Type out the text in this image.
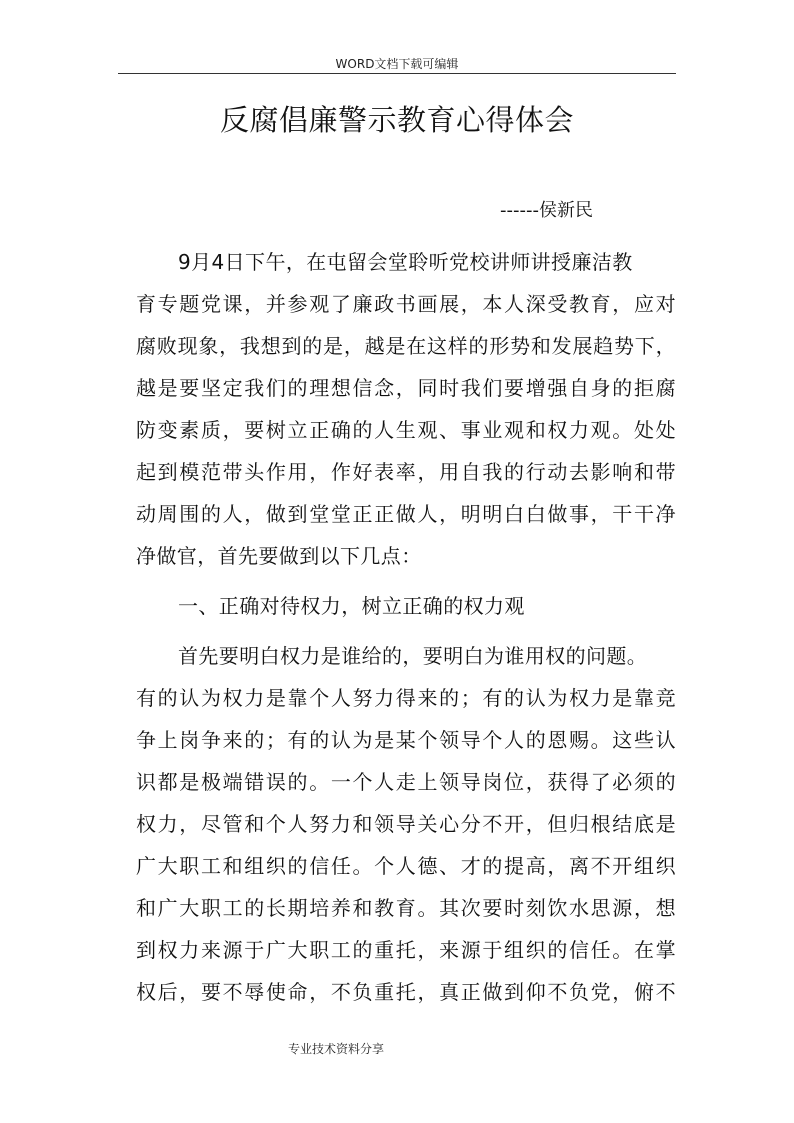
WORD文档下载可编辑
反腐倡廉警示教育心得体会
------侯新民
9月4日下午，在屯留会堂聆听党校讲师讲授廉洁教
育专题党课，并参观了廉政书画展，本人深受教育，应对
腐败现象，我想到的是，越是在这样的形势和发展趋势下，
越是要坚定我们的理想信念，同时我们要增强自身的拒腐
防变素质，要树立正确的人生观、事业观和权力观。处处
起到模范带头作用，作好表率，用自我的行动去影响和带
动周围的人，做到堂堂正正做人，明明白白做事，干干净
净做官，首先要做到以下几点：
一、正确对待权力，树立正确的权力观
首先要明白权力是谁给的，要明白为谁用权的问题。
有的认为权力是靠个人努力得来的；有的认为权力是靠竞
争上岗争来的；有的认为是某个领导个人的恩赐。这些认
识都是极端错误的。一个人走上领导岗位，获得了必须的
权力，尽管和个人努力和领导关心分不开，但归根结底是
广大职工和组织的信任。个人德、才的提高，离不开组织
和广大职工的长期培养和教育。其次要时刻饮水思源，想
到权力来源于广大职工的重托，来源于组织的信任。在掌
权后，要不辱使命，不负重托，真正做到仰不负党，俯不
专业技术资料分享
